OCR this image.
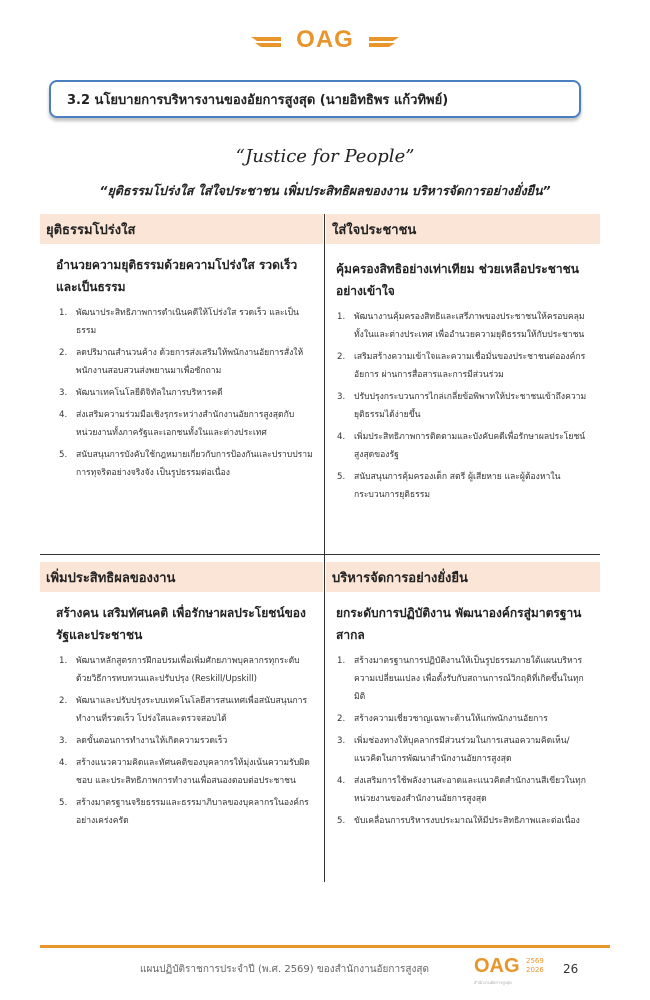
OAG
3.2 นโยบายการบริหารงานของอัยการสูงสุด (นายอิทธิพร แก้วทิพย์)
“Justice for People”
“ยุติธรรมโปร่งใส ใส่ใจประชาชน เพิ่มประสิทธิผลของงาน บริหารจัดการอย่างยั่งยืน”
ยุติธรรมโปร่งใส
อำนวยความยุติธรรมด้วยความโปร่งใส รวดเร็ว และเป็นธรรม
1. พัฒนาประสิทธิภาพการดำเนินคดีให้โปร่งใส รวดเร็ว และเป็นธรรม
2. ลดปริมาณสำนวนค้าง ด้วยการส่งเสริมให้พนักงานอัยการสั่งให้พนักงานสอบสวนส่งพยานมาเพื่อซักถาม
3. พัฒนาเทคโนโลยีดิจิทัลในการบริหารคดี
4. ส่งเสริมความร่วมมือเชิงรุกระหว่างสำนักงานอัยการสูงสุดกับหน่วยงานทั้งภาครัฐและเอกชนทั้งในและต่างประเทศ
5. สนับสนุนการบังคับใช้กฎหมายเกี่ยวกับการป้องกันและปราบปรามการทุจริตอย่างจริงจัง เป็นรูปธรรมต่อเนื่อง
ใส่ใจประชาชน
คุ้มครองสิทธิอย่างเท่าเทียม ช่วยเหลือประชาชนอย่างเข้าใจ
1. พัฒนางานคุ้มครองสิทธิและเสรีภาพของประชาชนให้ครอบคลุมทั้งในและต่างประเทศ เพื่ออำนวยความยุติธรรมให้กับประชาชน
2. เสริมสร้างความเข้าใจและความเชื่อมั่นของประชาชนต่อองค์กรอัยการ ผ่านการสื่อสารและการมีส่วนร่วม
3. ปรับปรุงกระบวนการไกล่เกลี่ยข้อพิพาทให้ประชาชนเข้าถึงความยุติธรรมได้ง่ายขึ้น
4. เพิ่มประสิทธิภาพการติดตามและบังคับคดีเพื่อรักษาผลประโยชน์สูงสุดของรัฐ
5. สนับสนุนการคุ้มครองเด็ก สตรี ผู้เสียหาย และผู้ต้องหาในกระบวนการยุติธรรม
เพิ่มประสิทธิผลของงาน
สร้างคน เสริมทัศนคติ เพื่อรักษาผลประโยชน์ของรัฐและประชาชน
1. พัฒนาหลักสูตรการฝึกอบรมเพื่อเพิ่มศักยภาพบุคลากรทุกระดับด้วยวิธีการทบทวนและปรับปรุง (Reskill/Upskill)
2. พัฒนาและปรับปรุงระบบเทคโนโลยีสารสนเทศเพื่อสนับสนุนการทำงานที่รวดเร็ว โปร่งใสและตรวจสอบได้
3. ลดขั้นตอนการทำงานให้เกิดความรวดเร็ว
4. สร้างแนวความคิดและทัศนคติของบุคลากรให้มุ่งเน้นความรับผิดชอบ และประสิทธิภาพการทำงานเพื่อสนองตอบต่อประชาชน
5. สร้างมาตรฐานจริยธรรมและธรรมาภิบาลของบุคลากรในองค์กรอย่างเคร่งครัด
บริหารจัดการอย่างยั่งยืน
ยกระดับการปฏิบัติงาน พัฒนาองค์กรสู่มาตรฐานสากล
1. สร้างมาตรฐานการปฏิบัติงานให้เป็นรูปธรรมภายใต้แผนบริหารความเปลี่ยนแปลง เพื่อตั้งรับกับสถานการณ์วิกฤติที่เกิดขึ้นในทุกมิติ
2. สร้างความเชี่ยวชาญเฉพาะด้านให้แก่พนักงานอัยการ
3. เพิ่มช่องทางให้บุคลากรมีส่วนร่วมในการเสนอความคิดเห็น/แนวคิดในการพัฒนาสำนักงานอัยการสูงสุด
4. ส่งเสริมการใช้พลังงานสะอาดและแนวคิดสำนักงานสีเขียวในทุกหน่วยงานของสำนักงานอัยการสูงสุด
5. ขับเคลื่อนการบริหารงบประมาณให้มีประสิทธิภาพและต่อเนื่อง
แผนปฏิบัติราชการประจำปี (พ.ศ. 2569) ของสำนักงานอัยการสูงสุด OAG 2569
2026
สำนักงานอัยการสูงสุด
26
